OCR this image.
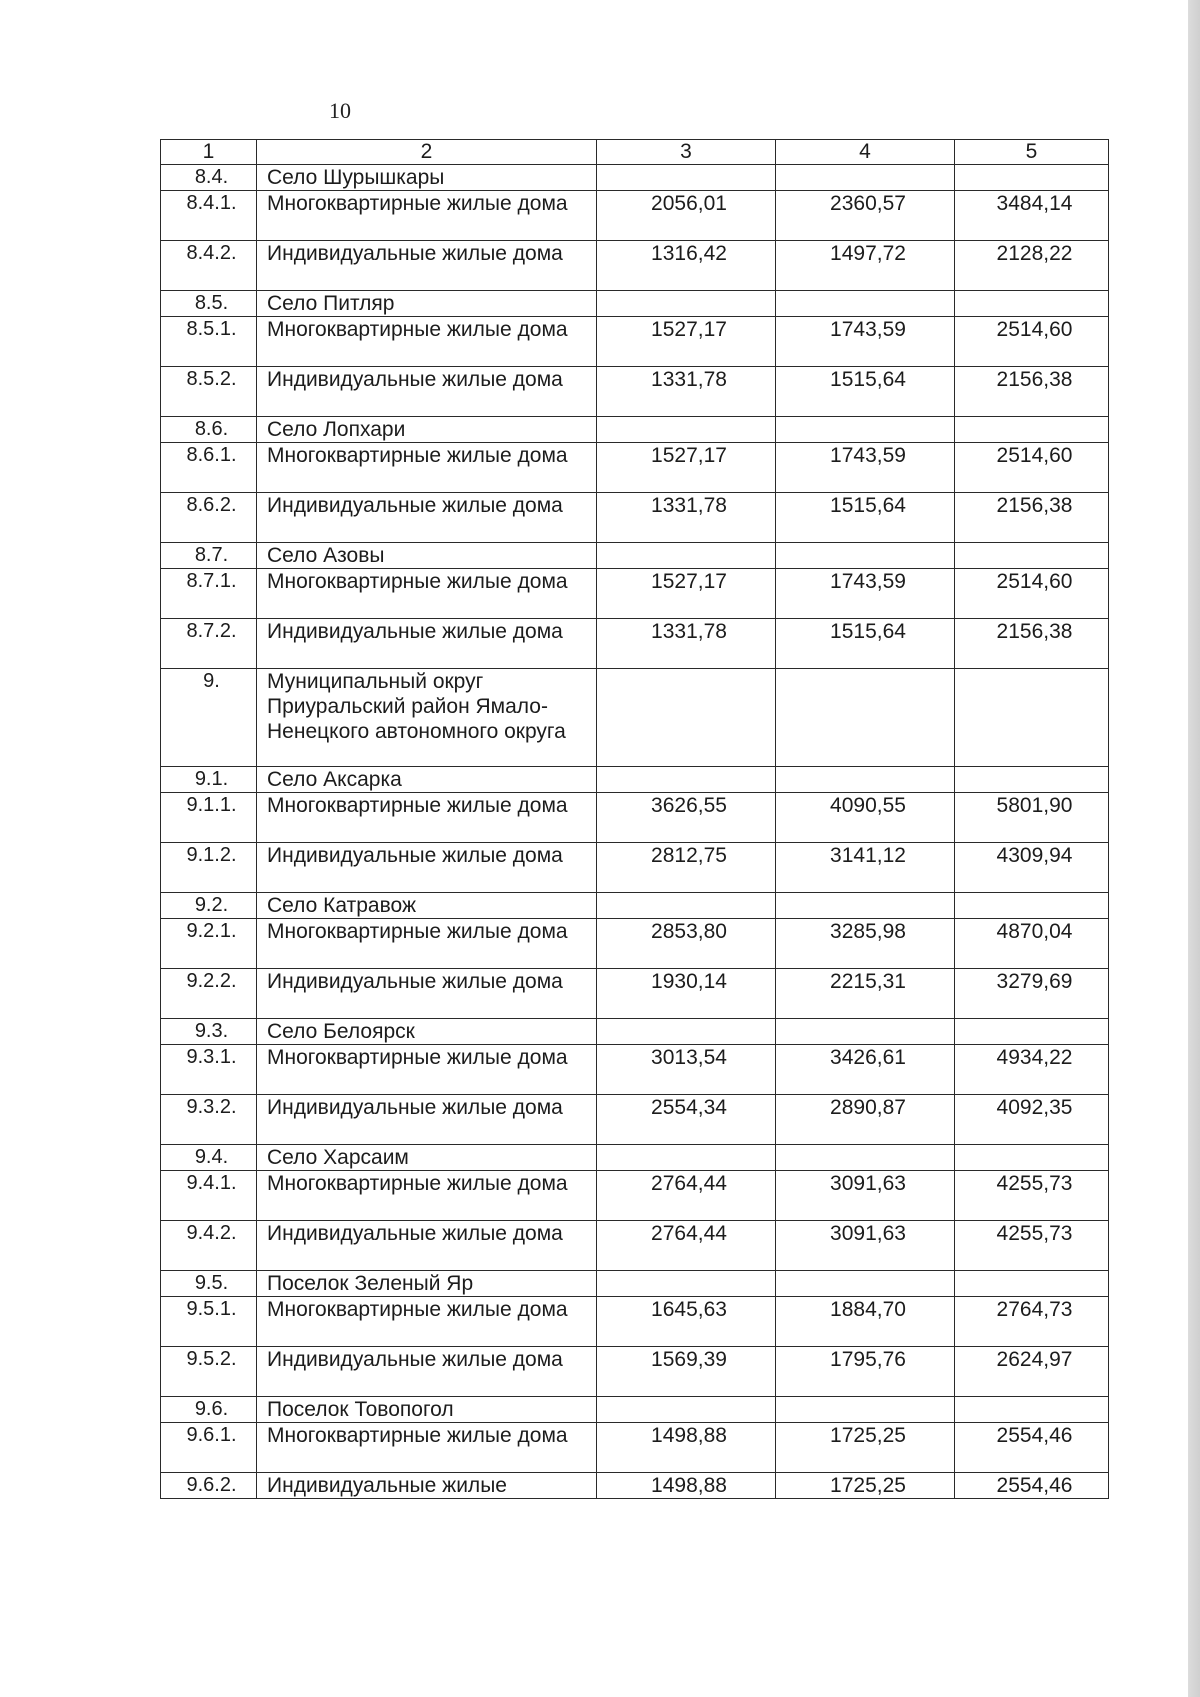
10
1	2	3	4	5
8.4.	Село Шурышкары			
8.4.1.	Многоквартирные жилые дома	2056,01	2360,57	3484,14
8.4.2.	Индивидуальные жилые дома	1316,42	1497,72	2128,22
8.5.	Село Питляр			
8.5.1.	Многоквартирные жилые дома	1527,17	1743,59	2514,60
8.5.2.	Индивидуальные жилые дома	1331,78	1515,64	2156,38
8.6.	Село Лопхари			
8.6.1.	Многоквартирные жилые дома	1527,17	1743,59	2514,60
8.6.2.	Индивидуальные жилые дома	1331,78	1515,64	2156,38
8.7.	Село Азовы			
8.7.1.	Многоквартирные жилые дома	1527,17	1743,59	2514,60
8.7.2.	Индивидуальные жилые дома	1331,78	1515,64	2156,38
9.	Муниципальный округ Приуральский район Ямало-Ненецкого автономного округа			
9.1.	Село Аксарка			
9.1.1.	Многоквартирные жилые дома	3626,55	4090,55	5801,90
9.1.2.	Индивидуальные жилые дома	2812,75	3141,12	4309,94
9.2.	Село Катравож			
9.2.1.	Многоквартирные жилые дома	2853,80	3285,98	4870,04
9.2.2.	Индивидуальные жилые дома	1930,14	2215,31	3279,69
9.3.	Село Белоярск			
9.3.1.	Многоквартирные жилые дома	3013,54	3426,61	4934,22
9.3.2.	Индивидуальные жилые дома	2554,34	2890,87	4092,35
9.4.	Село Харсаим			
9.4.1.	Многоквартирные жилые дома	2764,44	3091,63	4255,73
9.4.2.	Индивидуальные жилые дома	2764,44	3091,63	4255,73
9.5.	Поселок Зеленый Яр			
9.5.1.	Многоквартирные жилые дома	1645,63	1884,70	2764,73
9.5.2.	Индивидуальные жилые дома	1569,39	1795,76	2624,97
9.6.	Поселок Товопогол			
9.6.1.	Многоквартирные жилые дома	1498,88	1725,25	2554,46
9.6.2.	Индивидуальные жилые	1498,88	1725,25	2554,46
